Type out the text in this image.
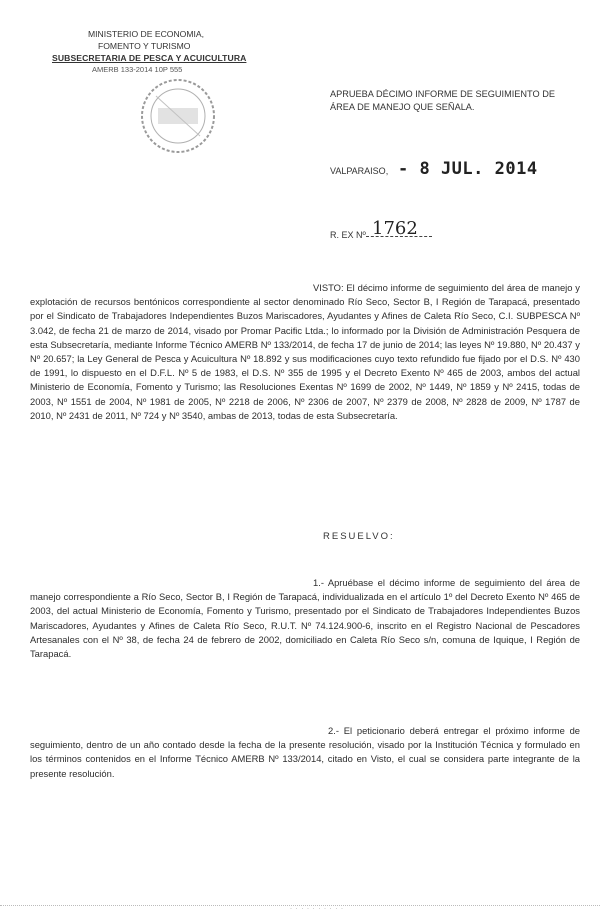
MINISTERIO DE ECONOMIA,
FOMENTO Y TURISMO
SUBSECRETARIA DE PESCA Y ACUICULTURA
AMERB 133-2014 10P 555
APRUEBA DÉCIMO INFORME DE SEGUIMIENTO DE ÁREA DE MANEJO QUE SEÑALA.
VALPARAISO, - 8 JUL. 2014
R. EX Nº 1762
VISTO: El décimo informe de seguimiento del área de manejo y explotación de recursos bentónicos correspondiente al sector denominado Río Seco, Sector B, I Región de Tarapacá, presentado por el Sindicato de Trabajadores Independientes Buzos Mariscadores, Ayudantes y Afines de Caleta Río Seco, C.I. SUBPESCA Nº 3.042, de fecha 21 de marzo de 2014, visado por Promar Pacific Ltda.; lo informado por la División de Administración Pesquera de esta Subsecretaría, mediante Informe Técnico AMERB Nº 133/2014, de fecha 17 de junio de 2014; las leyes Nº 19.880, Nº 20.437 y Nº 20.657; la Ley General de Pesca y Acuicultura Nº 18.892 y sus modificaciones cuyo texto refundido fue fijado por el D.S. Nº 430 de 1991, lo dispuesto en el D.F.L. Nº 5 de 1983, el D.S. Nº 355 de 1995 y el Decreto Exento Nº 465 de 2003, ambos del actual Ministerio de Economía, Fomento y Turismo; las Resoluciones Exentas Nº 1699 de 2002, Nº 1449, Nº 1859 y Nº 2415, todas de 2003, Nº 1551 de 2004, Nº 1981 de 2005, Nº 2218 de 2006, Nº 2306 de 2007, Nº 2379 de 2008, Nº 2828 de 2009, Nº 1787 de 2010, Nº 2431 de 2011, Nº 724 y Nº 3540, ambas de 2013, todas de esta Subsecretaría.
RESUELVO:
1.- Apruébase el décimo informe de seguimiento del área de manejo correspondiente a Río Seco, Sector B, I Región de Tarapacá, individualizada en el artículo 1º del Decreto Exento Nº 465 de 2003, del actual Ministerio de Economía, Fomento y Turismo, presentado por el Sindicato de Trabajadores Independientes Buzos Mariscadores, Ayudantes y Afines de Caleta Río Seco, R.U.T. Nº 74.124.900-6, inscrito en el Registro Nacional de Pescadores Artesanales con el Nº 38, de fecha 24 de febrero de 2002, domiciliado en Caleta Río Seco s/n, comuna de Iquique, I Región de Tarapacá.
2.- El peticionario deberá entregar el próximo informe de seguimiento, dentro de un año contado desde la fecha de la presente resolución, visado por la Institución Técnica y formulado en los términos contenidos en el Informe Técnico AMERB Nº 133/2014, citado en Visto, el cual se considera parte integrante de la presente resolución.
· · · · · · · · · ·
